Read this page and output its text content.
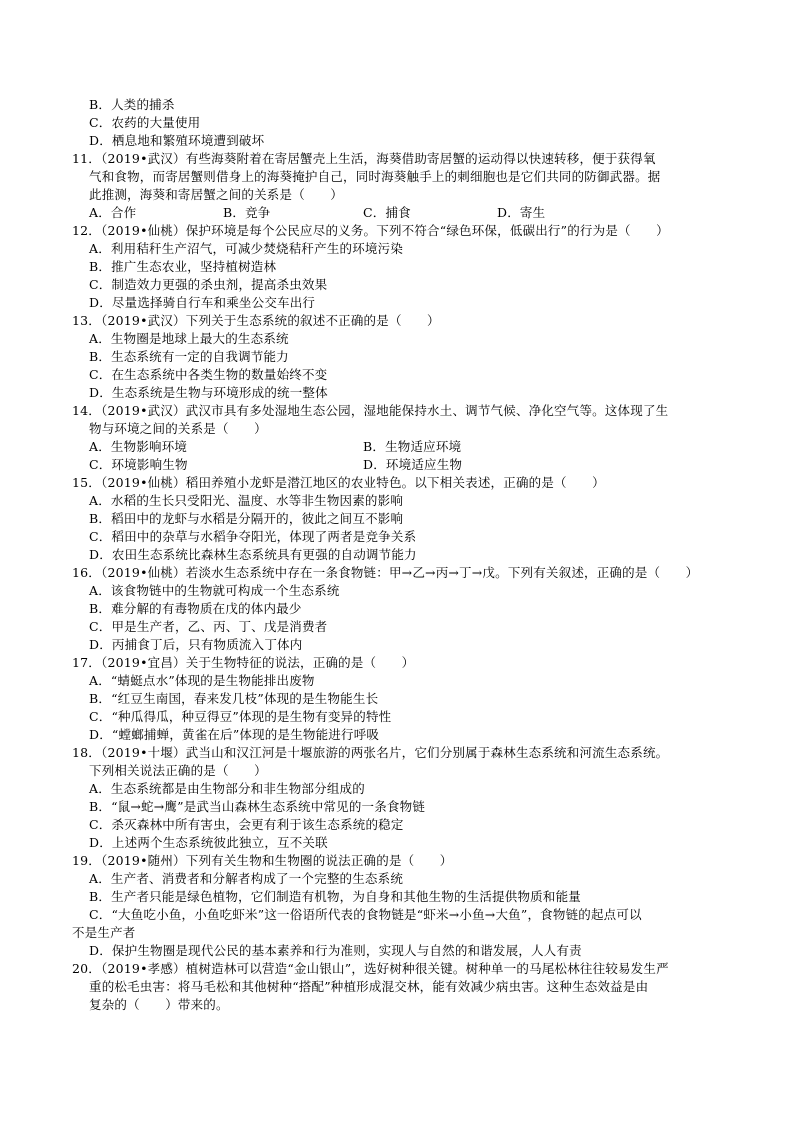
B．人类的捕杀
C．农药的大量使用
D．栖息地和繁殖环境遭到破坏
11．（2019•武汉）有些海葵附着在寄居蟹壳上生活，海葵借助寄居蟹的运动得以快速转移，便于获得氧
气和食物，而寄居蟹则借身上的海葵掩护自己，同时海葵触手上的刺细胞也是它们共同的防御武器。据
此推测，海葵和寄居蟹之间的关系是（　　）
A．合作	B．竞争	C．捕食	D．寄生
12．（2019•仙桃）保护环境是每个公民应尽的义务。下列不符合“绿色环保，低碳出行”的行为是（　　）
A．利用秸秆生产沼气，可减少焚烧秸秆产生的环境污染
B．推广生态农业，坚持植树造林
C．制造效力更强的杀虫剂，提高杀虫效果
D．尽量选择骑自行车和乘坐公交车出行
13．（2019•武汉）下列关于生态系统的叙述不正确的是（　　）
A．生物圈是地球上最大的生态系统
B．生态系统有一定的自我调节能力
C．在生态系统中各类生物的数量始终不变
D．生态系统是生物与环境形成的统一整体
14．（2019•武汉）武汉市具有多处湿地生态公园，湿地能保持水土、调节气候、净化空气等。这体现了生
物与环境之间的关系是（　　）
A．生物影响环境	B．生物适应环境
C．环境影响生物	D．环境适应生物
15．（2019•仙桃）稻田养殖小龙虾是潜江地区的农业特色。以下相关表述，正确的是（　　）
A．水稻的生长只受阳光、温度、水等非生物因素的影响
B．稻田中的龙虾与水稻是分隔开的，彼此之间互不影响
C．稻田中的杂草与水稻争夺阳光，体现了两者是竞争关系
D．农田生态系统比森林生态系统具有更强的自动调节能力
16．（2019•仙桃）若淡水生态系统中存在一条食物链：甲→乙→丙→丁→戊。下列有关叙述，正确的是（　　）
A．该食物链中的生物就可构成一个生态系统
B．难分解的有毒物质在戊的体内最少
C．甲是生产者，乙、丙、丁、戊是消费者
D．丙捕食丁后，只有物质流入丁体内
17．（2019•宜昌）关于生物特征的说法，正确的是（　　）
A．“蜻蜓点水”体现的是生物能排出废物
B．“红豆生南国，春来发几枝”体现的是生物能生长
C．“种瓜得瓜，种豆得豆”体现的是生物有变异的特性
D．“螳螂捕蝉，黄雀在后”体现的是生物能进行呼吸
18．（2019•十堰）武当山和汉江河是十堰旅游的两张名片，它们分别属于森林生态系统和河流生态系统。
下列相关说法正确的是（　　）
A．生态系统都是由生物部分和非生物部分组成的
B．“鼠→蛇→鹰”是武当山森林生态系统中常见的一条食物链
C．杀灭森林中所有害虫，会更有利于该生态系统的稳定
D．上述两个生态系统彼此独立，互不关联
19．（2019•随州）下列有关生物和生物圈的说法正确的是（　　）
A．生产者、消费者和分解者构成了一个完整的生态系统
B．生产者只能是绿色植物，它们制造有机物，为自身和其他生物的生活提供物质和能量
C．“大鱼吃小鱼，小鱼吃虾米”这一俗语所代表的食物链是“虾米→小鱼→大鱼”，食物链的起点可以
不是生产者
D．保护生物圈是现代公民的基本素养和行为准则，实现人与自然的和谐发展，人人有责
20．（2019•孝感）植树造林可以营造“金山银山”，选好树种很关键。树种单一的马尾松林往往较易发生严
重的松毛虫害：将马毛松和其他树种“搭配”种植形成混交林，能有效减少病虫害。这种生态效益是由
复杂的（　　）带来的。
